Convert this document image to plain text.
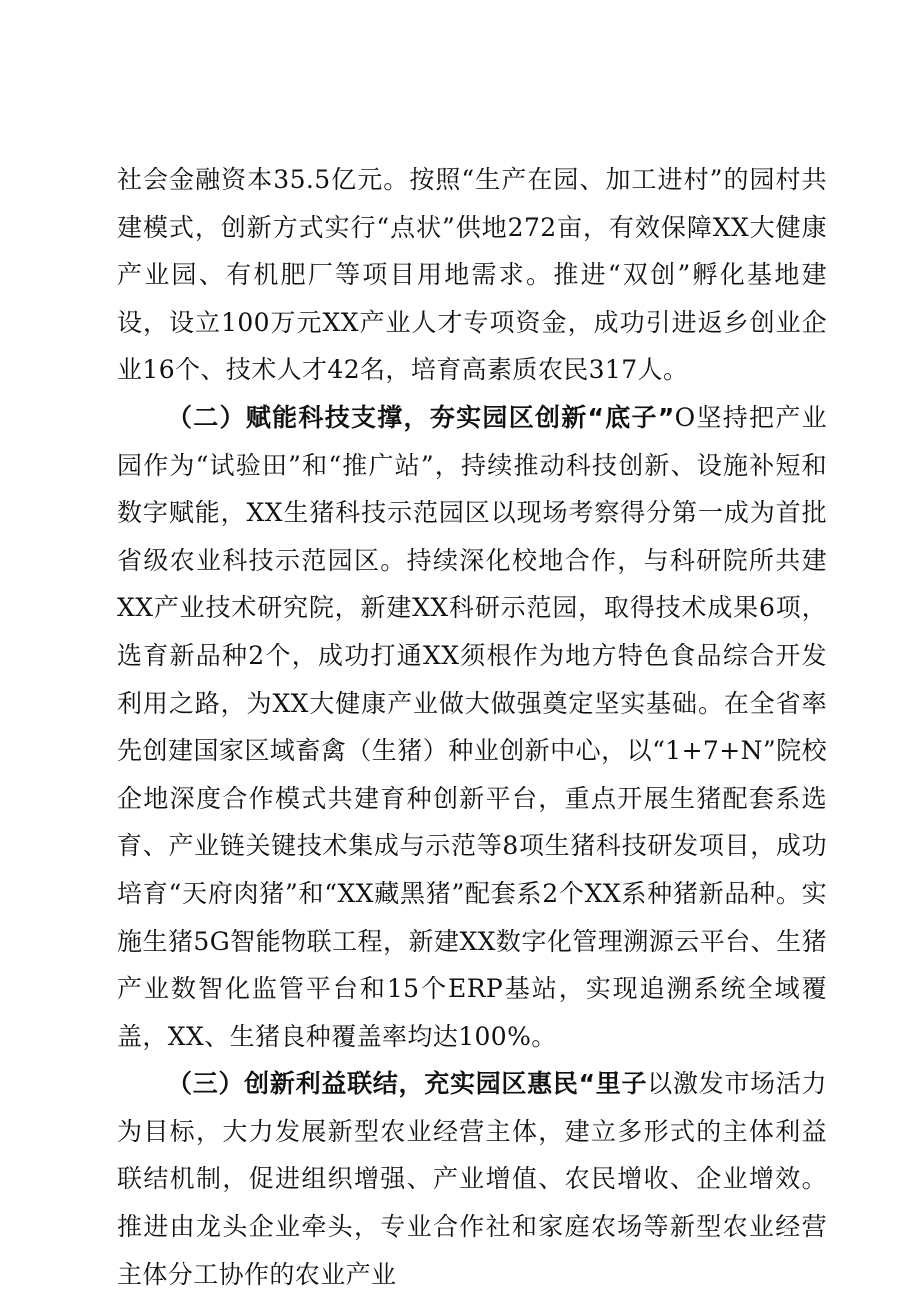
社会金融资本35.5亿元。按照“生产在园、加工进村”的园村共建模式，创新方式实行“点状”供地272亩，有效保障XX大健康产业园、有机肥厂等项目用地需求。推进“双创”孵化基地建设，设立100万元XX产业人才专项资金，成功引进返乡创业企业16个、技术人才42名，培育高素质农民317人。

（二）赋能科技支撑，夯实园区创新“底子”O坚持把产业园作为“试验田”和“推广站”，持续推动科技创新、设施补短和数字赋能，XX生猪科技示范园区以现场考察得分第一成为首批省级农业科技示范园区。持续深化校地合作，与科研院所共建XX产业技术研究院，新建XX科研示范园，取得技术成果6项，选育新品种2个，成功打通XX须根作为地方特色食品综合开发利用之路，为XX大健康产业做大做强奠定坚实基础。在全省率先创建国家区域畜禽（生猪）种业创新中心，以“1+7+N”院校企地深度合作模式共建育种创新平台，重点开展生猪配套系选育、产业链关键技术集成与示范等8项生猪科技研发项目，成功培育“天府肉猪”和“XX藏黑猪”配套系2个XX系种猪新品种。实施生猪5G智能物联工程，新建XX数字化管理溯源云平台、生猪产业数智化监管平台和15个ERP基站，实现追溯系统全域覆盖，XX、生猪良种覆盖率均达100%。

（三）创新利益联结，充实园区惠民“里子以激发市场活力为目标，大力发展新型农业经营主体，建立多形式的主体利益联结机制，促进组织增强、产业增值、农民增收、企业增效。推进由龙头企业牵头，专业合作社和家庭农场等新型农业经营主体分工协作的农业产业
